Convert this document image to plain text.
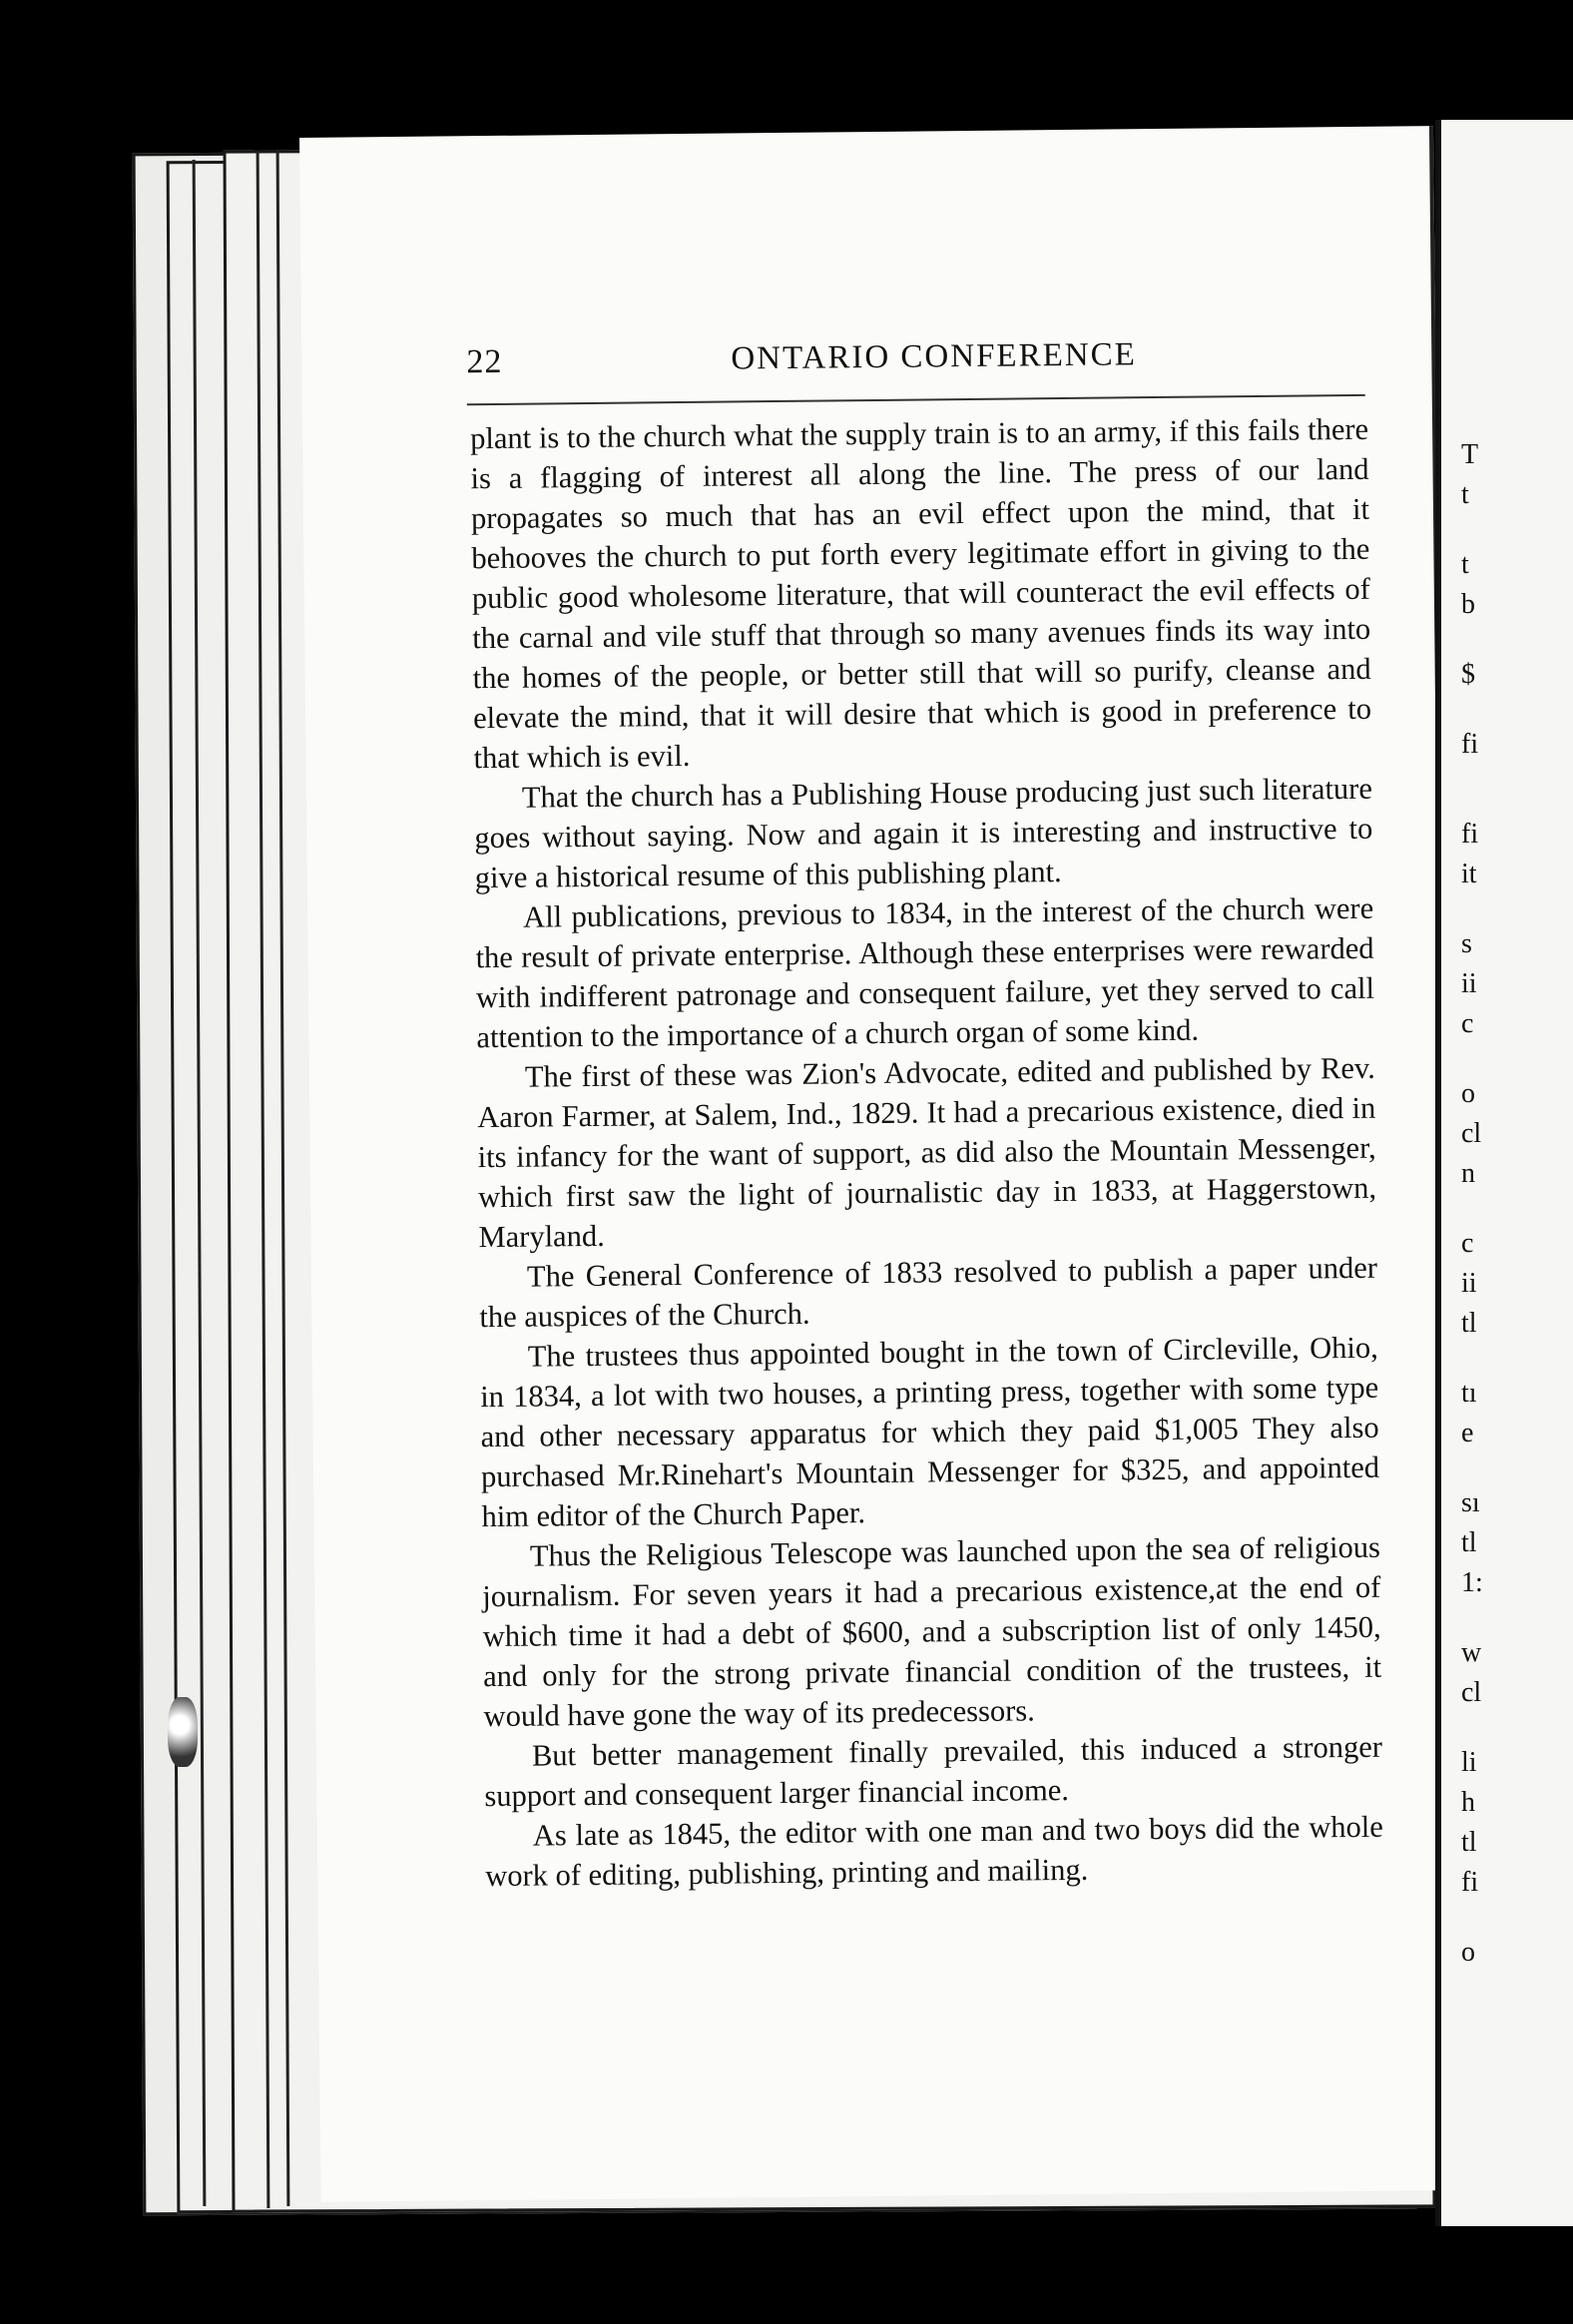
22	ONTARIO CONFERENCE

plant is to the church what the supply train is to an army, if this fails there is a flagging of interest all along the line. The press of our land propagates so much that has an evil effect upon the mind, that it behooves the church to put forth every legitimate effort in giving to the public good wholesome literature, that will counteract the evil effects of the carnal and vile stuff that through so many avenues finds its way into the homes of the people, or better still that will so purify, cleanse and elevate the mind, that it will desire that which is good in preference to that which is evil.

That the church has a Publishing House producing just such literature goes without saying. Now and again it is interesting and instructive to give a historical resume of this publishing plant.

All publications, previous to 1834, in the interest of the church were the result of private enterprise. Although these enterprises were rewarded with indifferent patronage and consequent failure, yet they served to call attention to the importance of a church organ of some kind.

The first of these was Zion's Advocate, edited and published by Rev. Aaron Farmer, at Salem, Ind., 1829. It had a precarious existence, died in its infancy for the want of support, as did also the Mountain Messenger, which first saw the light of journalistic day in 1833, at Haggerstown, Maryland.

The General Conference of 1833 resolved to publish a paper under the auspices of the Church.

The trustees thus appointed bought in the town of Circleville, Ohio, in 1834, a lot with two houses, a printing press, together with some type and other necessary apparatus for which they paid $1,005 They also purchased Mr.Rinehart's Mountain Messenger for $325, and appointed him editor of the Church Paper.

Thus the Religious Telescope was launched upon the sea of religious journalism. For seven years it had a precarious existence,at the end of which time it had a debt of $600, and a subscription list of only 1450, and only for the strong private financial condition of the trustees, it would have gone the way of its predecessors.

But better management finally prevailed, this induced a stronger support and consequent larger financial income.

As late as 1845, the editor with one man and two boys did the whole work of editing, publishing, printing and mailing.

T
t
t
b
$
fi
fi
it
s
ii
c
o
cl
n
c
ii
tl
tı
e
sı
tl
1:
w
cl
li
h
tl
fi
o
